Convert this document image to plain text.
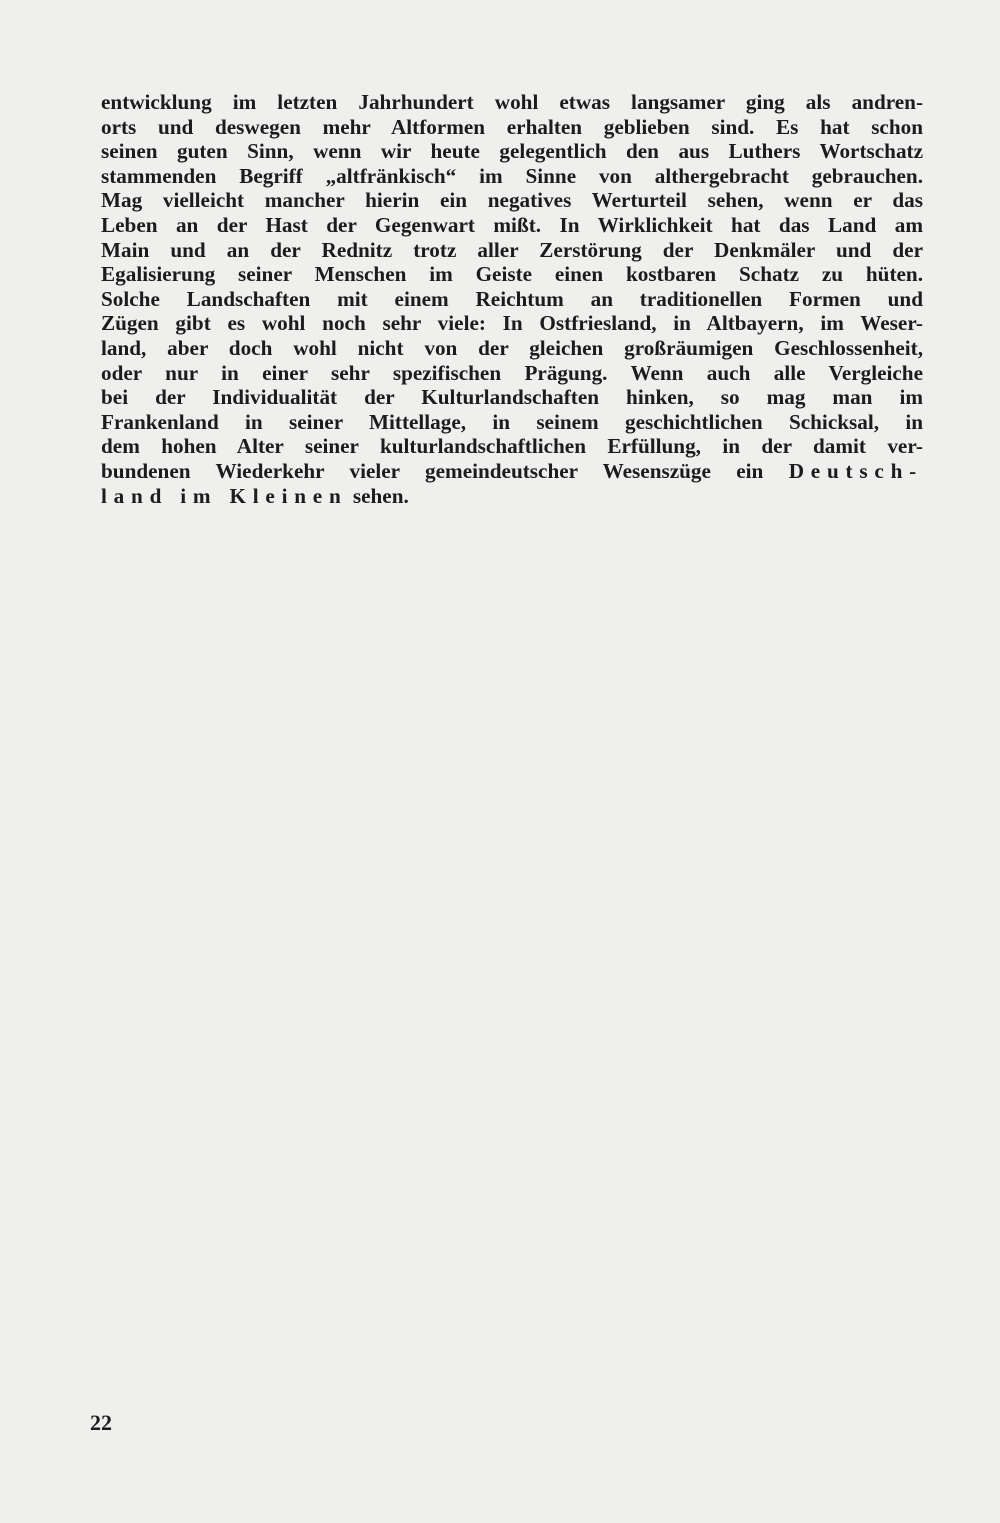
entwicklung im letzten Jahrhundert wohl etwas langsamer ging als andren-
orts und deswegen mehr Altformen erhalten geblieben sind. Es hat schon
seinen guten Sinn, wenn wir heute gelegentlich den aus Luthers Wortschatz
stammenden Begriff „altfränkisch“ im Sinne von althergebracht gebrauchen.
Mag vielleicht mancher hierin ein negatives Werturteil sehen, wenn er das
Leben an der Hast der Gegenwart mißt. In Wirklichkeit hat das Land am
Main und an der Rednitz trotz aller Zerstörung der Denkmäler und der
Egalisierung seiner Menschen im Geiste einen kostbaren Schatz zu hüten.
Solche Landschaften mit einem Reichtum an traditionellen Formen und
Zügen gibt es wohl noch sehr viele: In Ostfriesland, in Altbayern, im Weser-
land, aber doch wohl nicht von der gleichen großräumigen Geschlossenheit,
oder nur in einer sehr spezifischen Prägung. Wenn auch alle Vergleiche
bei der Individualität der Kulturlandschaften hinken, so mag man im
Frankenland in seiner Mittellage, in seinem geschichtlichen Schicksal, in
dem hohen Alter seiner kulturlandschaftlichen Erfüllung, in der damit ver-
bundenen Wiederkehr vieler gemeindeutscher Wesenszüge ein Deutsch-
land im Kleinen sehen.
22
